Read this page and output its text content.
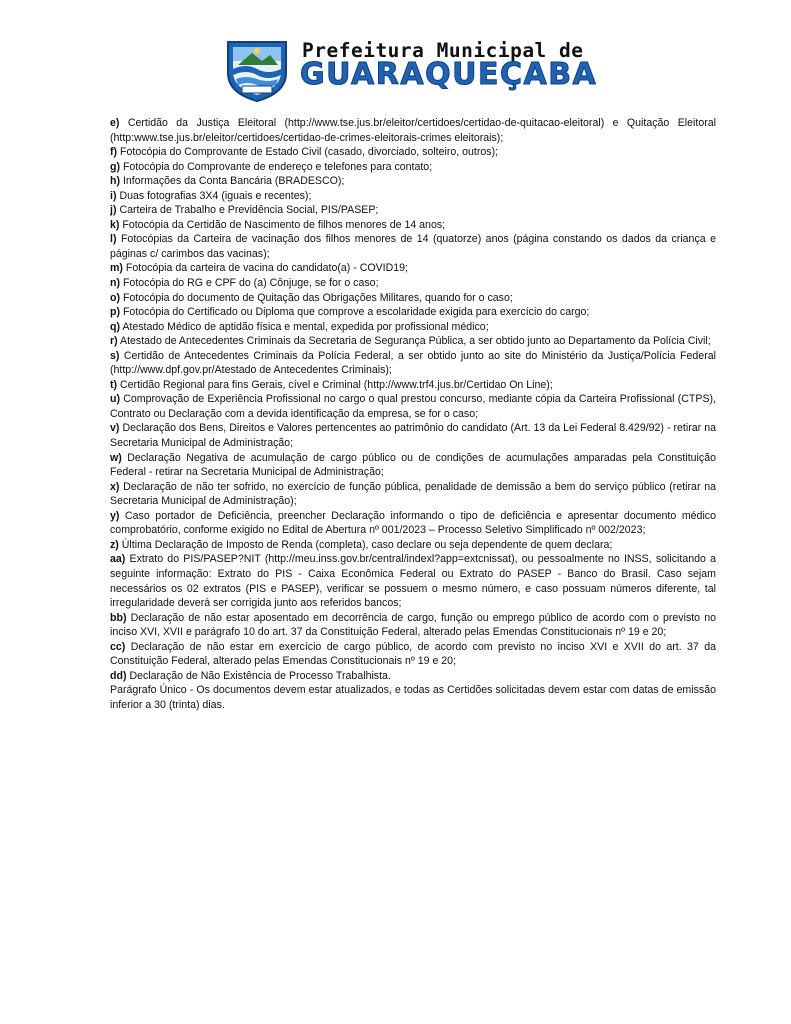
Prefeitura Municipal de
GUARAQUEÇABA

e) Certidão da Justiça Eleitoral (http://www.tse.jus.br/eleitor/certidoes/certidao-de-quitacao-eleitoral) e Quitação Eleitoral (http:www.tse.jus.br/eleitor/certidoes/certidao-de-crimes-eleitorais-crimes eleitorais);

f) Fotocópia do Comprovante de Estado Civil (casado, divorciado, solteiro, outros);

g) Fotocópia do Comprovante de endereço e telefones para contato;

h) Informações da Conta Bancária (BRADESCO);

i) Duas fotografias 3X4 (iguais e recentes);

j) Carteira de Trabalho e Previdência Social, PIS/PASEP;

k) Fotocópia da Certidão de Nascimento de filhos menores de 14 anos;

l) Fotocópias da Carteira de vacinação dos filhos menores de 14 (quatorze) anos (página constando os dados da criança e páginas c/ carimbos das vacinas);

m) Fotocópia da carteira de vacina do candidato(a) - COVID19;

n) Fotocópia do RG e CPF do (a) Cônjuge, se for o caso;

o) Fotocópia do documento de Quitação das Obrigações Militares, quando for o caso;

p) Fotocópia do Certificado ou Diploma que comprove a escolaridade exigida para exercício do cargo;

q) Atestado Médico de aptidão física e mental, expedida por profissional médico;

r) Atestado de Antecedentes Criminais da Secretaria de Segurança Pública, a ser obtido junto ao Departamento da Polícia Civil;

s) Certidão de Antecedentes Criminais da Polícia Federal, a ser obtido junto ao site do Ministério da Justiça/Polícia Federal (http://www.dpf.gov.pr/Atestado de Antecedentes Criminais);

t) Certidão Regional para fins Gerais, cível e Criminal (http://www.trf4.jus.br/Certidao On Line);

u) Comprovação de Experiência Profissional no cargo o qual prestou concurso, mediante cópia da Carteira Profissional (CTPS), Contrato ou Declaração com a devida identificação da empresa, se for o caso;

v) Declaração dos Bens, Direitos e Valores pertencentes ao patrimônio do candidato (Art. 13 da Lei Federal 8.429/92) - retirar na Secretaria Municipal de Administração;

w) Declaração Negativa de acumulação de cargo público ou de condições de acumulações amparadas pela Constituição Federal - retirar na Secretaria Municipal de Administração;

x) Declaração de não ter sofrido, no exercício de função pública, penalidade de demissão a bem do serviço público (retirar na Secretaria Municipal de Administração);

y) Caso portador de Deficiência, preencher Declaração informando o tipo de deficiência e apresentar documento médico comprobatório, conforme exigido no Edital de Abertura nº 001/2023 – Processo Seletivo Simplificado nº 002/2023;

z) Última Declaração de Imposto de Renda (completa), caso declare ou seja dependente de quem declara;

aa) Extrato do PIS/PASEP?NIT (http://meu.inss.gov.br/central/indexl?app=extcnissat), ou pessoalmente no INSS, solicitando a seguinte informação: Extrato do PIS - Caixa Econômica Federal ou Extrato do PASEP - Banco do Brasil. Caso sejam necessários os 02 extratos (PIS e PASEP), verificar se possuem o mesmo número, e caso possuam números diferente, tal irregularidade deverá ser corrigida junto aos referidos bancos;

bb) Declaração de não estar aposentado em decorrência de cargo, função ou emprego público de acordo com o previsto no inciso XVI, XVII e parágrafo 10 do art. 37 da Constituição Federal, alterado pelas Emendas Constitucionais nº 19 e 20;

cc) Declaração de não estar em exercício de cargo público, de acordo com previsto no inciso XVI e XVII do art. 37 da Constituição Federal, alterado pelas Emendas Constitucionais nº 19 e 20;

dd) Declaração de Não Existência de Processo Trabalhista.

Parágrafo Único - Os documentos devem estar atualizados, e todas as Certidões solicitadas devem estar com datas de emissão inferior a 30 (trinta) dias.
